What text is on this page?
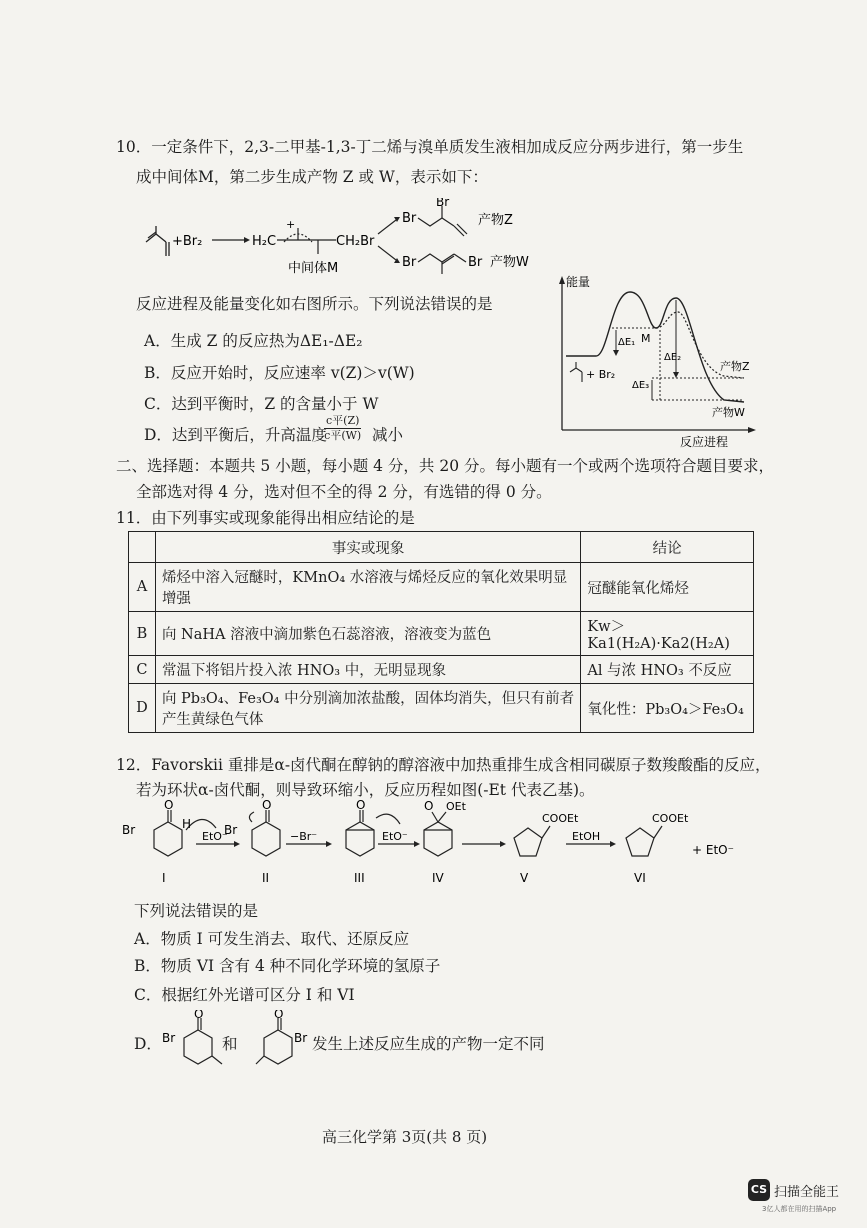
10．一定条件下，2,3-二甲基-1,3-丁二烯与溴单质发生液相加成反应分两步进行，第一步生
成中间体M，第二步生成产物 Z 或 W，表示如下：
+Br₂	H₂C
+
CH₂Br
中间体M
Br
Br
产物Z
Br	Br 产物W
反应进程及能量变化如右图所示。下列说法错误的是
A．生成 Z 的反应热为ΔE₁-ΔE₂
B．反应开始时，反应速率 v(Z)＞v(W)
C．达到平衡时，Z 的含量小于 W
D．达到平衡后，升高温度
c平(Z)
c平(W) 减小
能量
反应进程
ΔE₁ M
ΔE₂
ΔE₃
+ Br₂
产物Z
产物W
二、选择题：本题共 5 小题，每小题 4 分，共 20 分。每小题有一个或两个选项符合题目要求，
全部选对得 4 分，选对但不全的得 2 分，有选错的得 0 分。
11．由下列事实或现象能得出相应结论的是
	事实或现象	结论
A	烯烃中溶入冠醚时，KMnO₄ 水溶液与烯烃反应的氧化效果明显增强	冠醚能氧化烯烃
B	向 NaHA 溶液中滴加紫色石蕊溶液，溶液变为蓝色	Kw＞Ka1(H₂A)·Ka2(H₂A)
C	常温下将铝片投入浓 HNO₃ 中，无明显现象	Al 与浓 HNO₃ 不反应
D	向 Pb₃O₄、Fe₃O₄ 中分别滴加浓盐酸，固体均消失，但只有前者产生黄绿色气体	氧化性：Pb₃O₄＞Fe₃O₄
12．Favorskii 重排是α-卤代酮在醇钠的醇溶液中加热重排生成含相同碳原子数羧酸酯的反应，
若为环状α-卤代酮，则导致环缩小，反应历程如图(-Et 代表乙基)。
Br
O
H
EtO⁻
I
Br
O
−Br⁻
II
O
EtO⁻
III
O OEt
IV
COOEt
V
EtOH
COOEt
VI
+ EtO⁻
下列说法错误的是
A．物质 I 可发生消去、取代、还原反应
B．物质 VI 含有 4 种不同化学环境的氢原子
C．根据红外光谱可区分 I 和 VI
D． Br
O	O
Br
和	发生上述反应生成的产物一定不同
高三化学第 3页(共 8 页)
CS 扫描全能王
3亿人都在用的扫描App
